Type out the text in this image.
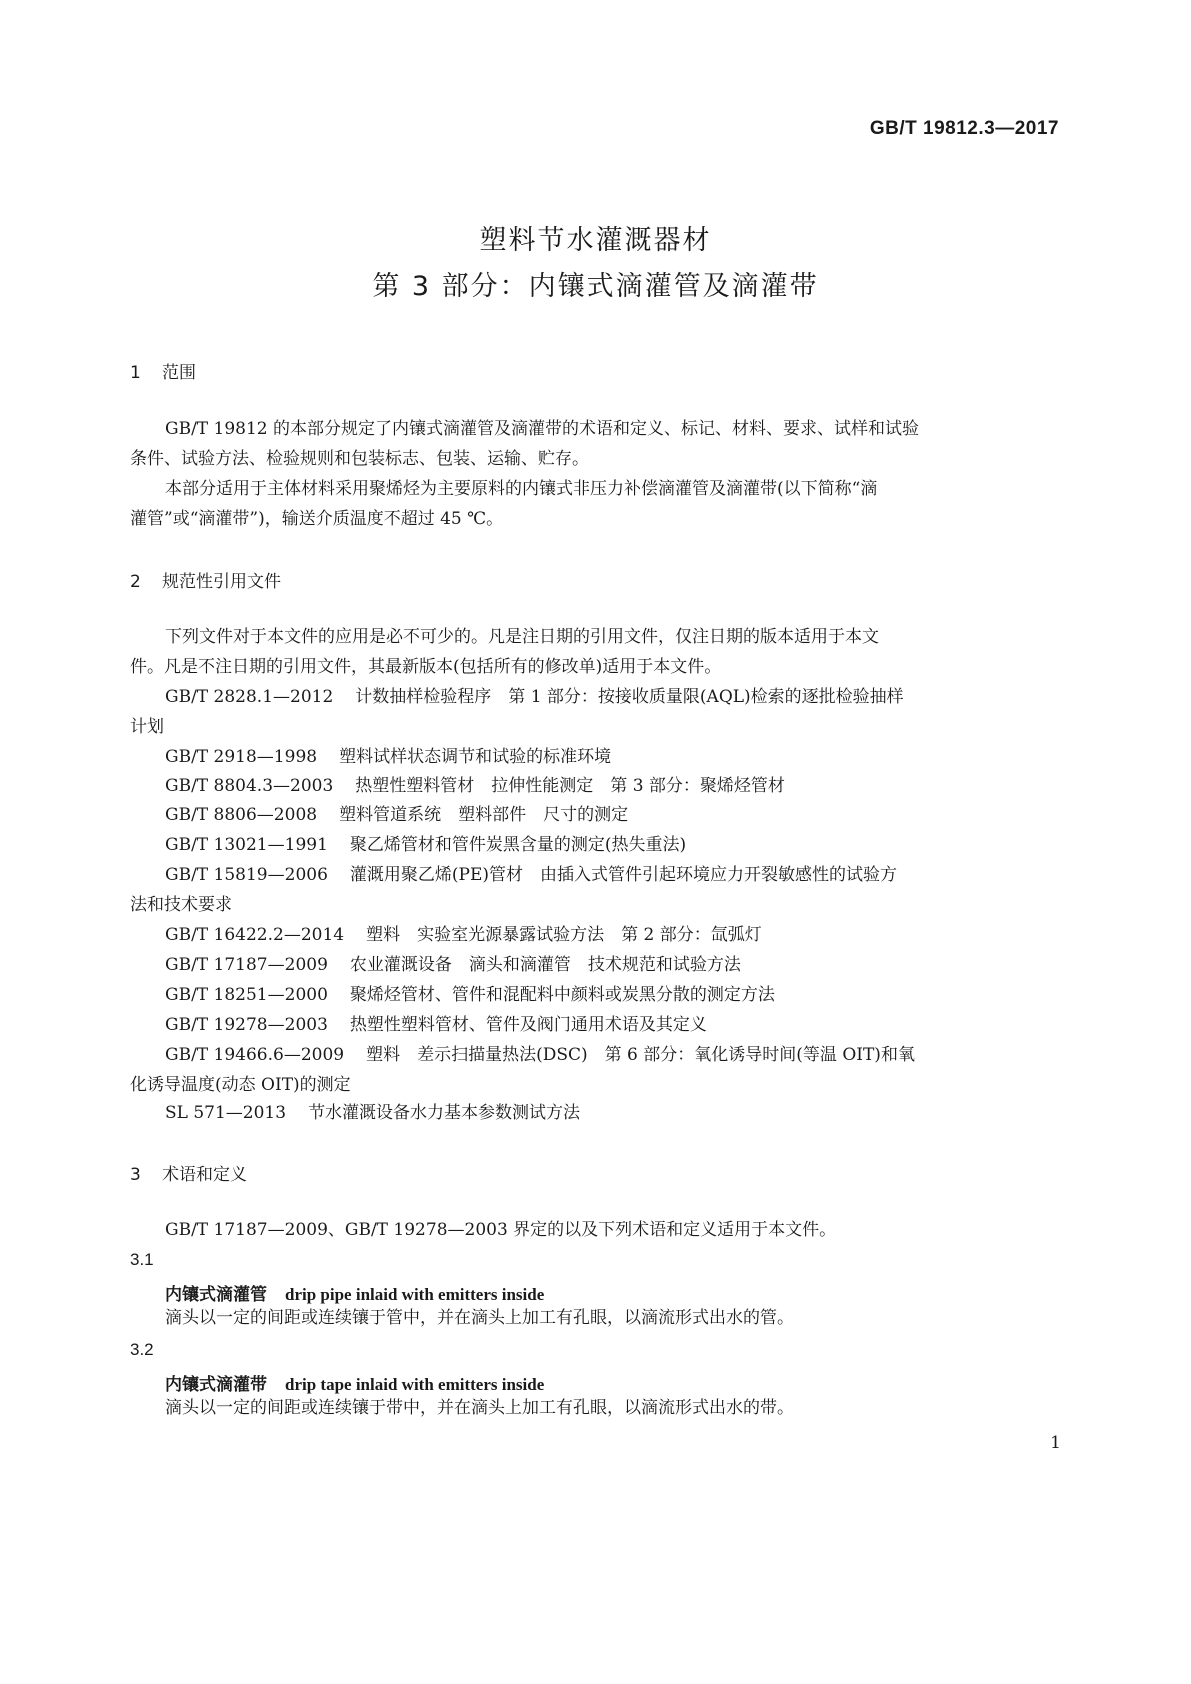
GB/T 19812.3—2017
塑料节水灌溉器材
第 3 部分：内镶式滴灌管及滴灌带
1 范围
GB/T 19812 的本部分规定了内镶式滴灌管及滴灌带的术语和定义、标记、材料、要求、试样和试验
条件、试验方法、检验规则和包装标志、包装、运输、贮存。
本部分适用于主体材料采用聚烯烃为主要原料的内镶式非压力补偿滴灌管及滴灌带(以下简称“滴
灌管”或“滴灌带”)，输送介质温度不超过 45 ℃。
2 规范性引用文件
下列文件对于本文件的应用是必不可少的。凡是注日期的引用文件，仅注日期的版本适用于本文
件。凡是不注日期的引用文件，其最新版本(包括所有的修改单)适用于本文件。
GB/T 2828.1—2012 计数抽样检验程序　第 1 部分：按接收质量限(AQL)检索的逐批检验抽样
计划
GB/T 2918—1998 塑料试样状态调节和试验的标准环境
GB/T 8804.3—2003 热塑性塑料管材　拉伸性能测定　第 3 部分：聚烯烃管材
GB/T 8806—2008 塑料管道系统　塑料部件　尺寸的测定
GB/T 13021—1991 聚乙烯管材和管件炭黑含量的测定(热失重法)
GB/T 15819—2006 灌溉用聚乙烯(PE)管材　由插入式管件引起环境应力开裂敏感性的试验方
法和技术要求
GB/T 16422.2—2014 塑料　实验室光源暴露试验方法　第 2 部分：氙弧灯
GB/T 17187—2009 农业灌溉设备　滴头和滴灌管　技术规范和试验方法
GB/T 18251—2000 聚烯烃管材、管件和混配料中颜料或炭黑分散的测定方法
GB/T 19278—2003 热塑性塑料管材、管件及阀门通用术语及其定义
GB/T 19466.6—2009 塑料　差示扫描量热法(DSC)　第 6 部分：氧化诱导时间(等温 OIT)和氧
化诱导温度(动态 OIT)的测定
SL 571—2013 节水灌溉设备水力基本参数测试方法
3 术语和定义
GB/T 17187—2009、GB/T 19278—2003 界定的以及下列术语和定义适用于本文件。
3.1
内镶式滴灌管 drip pipe inlaid with emitters inside
滴头以一定的间距或连续镶于管中，并在滴头上加工有孔眼，以滴流形式出水的管。
3.2
内镶式滴灌带 drip tape inlaid with emitters inside
滴头以一定的间距或连续镶于带中，并在滴头上加工有孔眼，以滴流形式出水的带。
1
